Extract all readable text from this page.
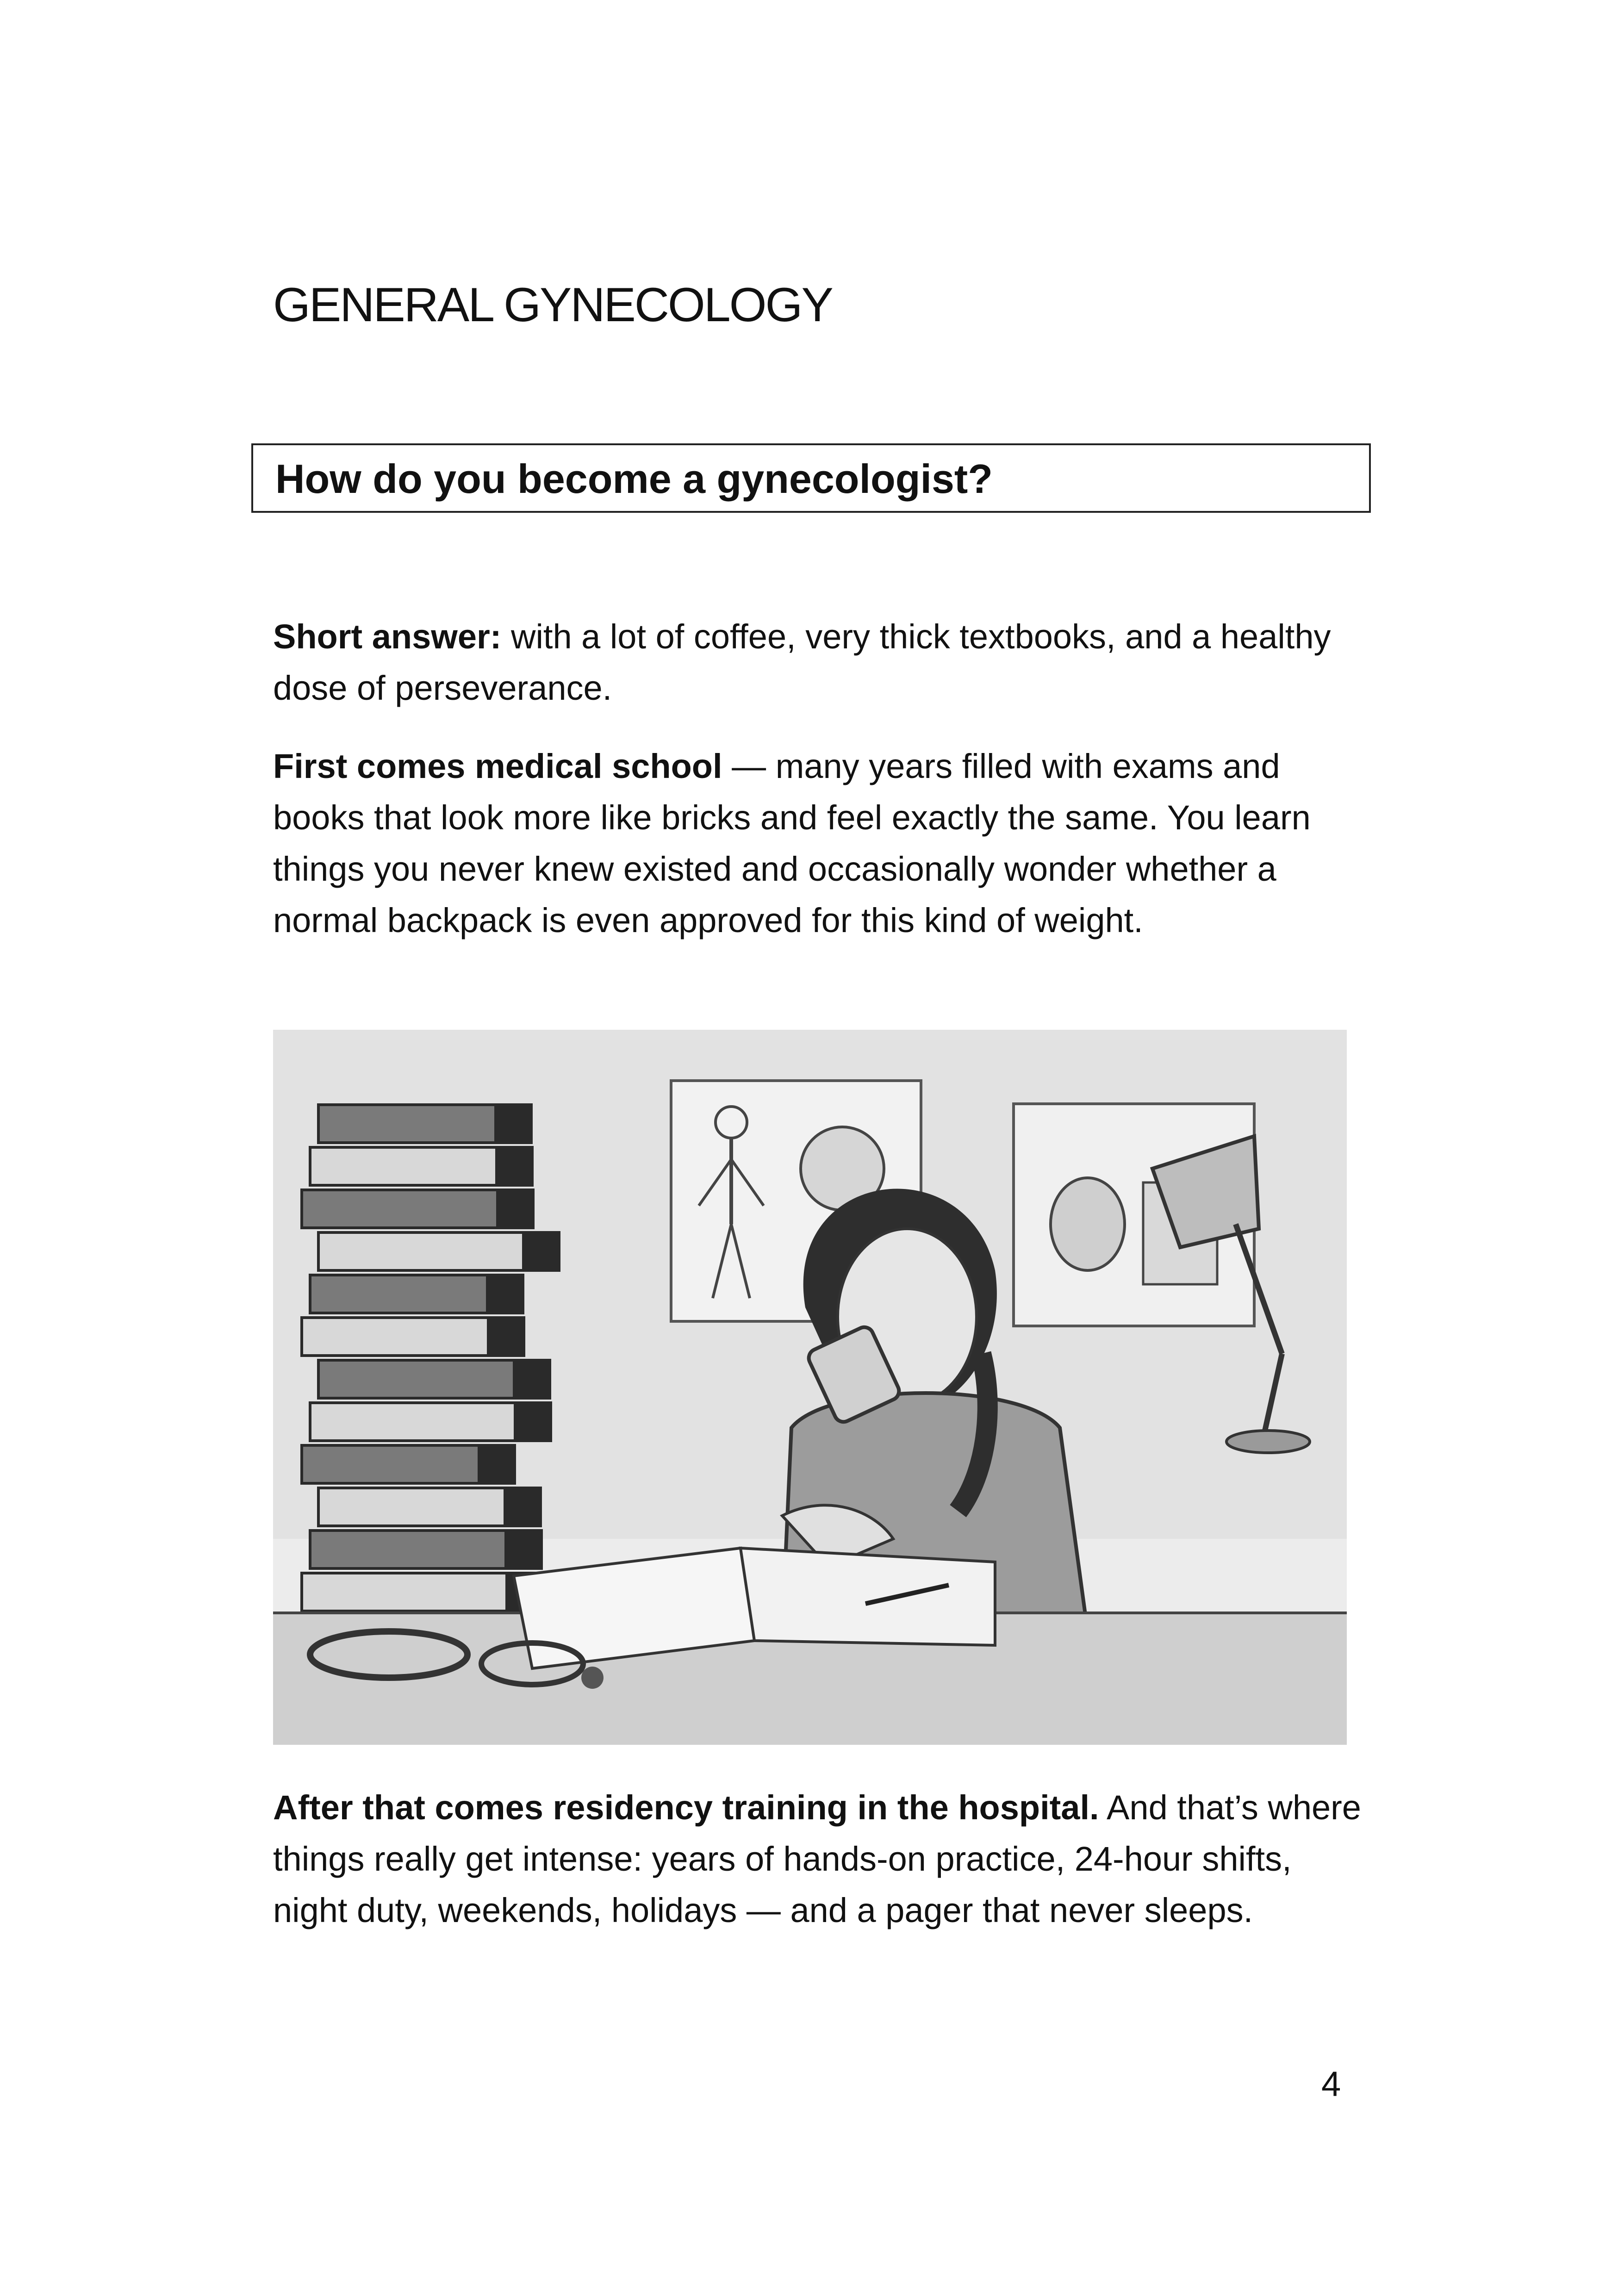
GENERAL GYNECOLOGY
How do you become a gynecologist?

Short answer: with a lot of coffee, very thick textbooks, and a healthy dose of perseverance.

First comes medical school — many years filled with exams and books that look more like bricks and feel exactly the same. You learn things you never knew existed and occasionally wonder whether a normal backpack is even approved for this kind of weight.

After that comes residency training in the hospital. And that’s where things really get intense: years of hands-on practice, 24-hour shifts, night duty, weekends, holidays — and a pager that never sleeps.

4
